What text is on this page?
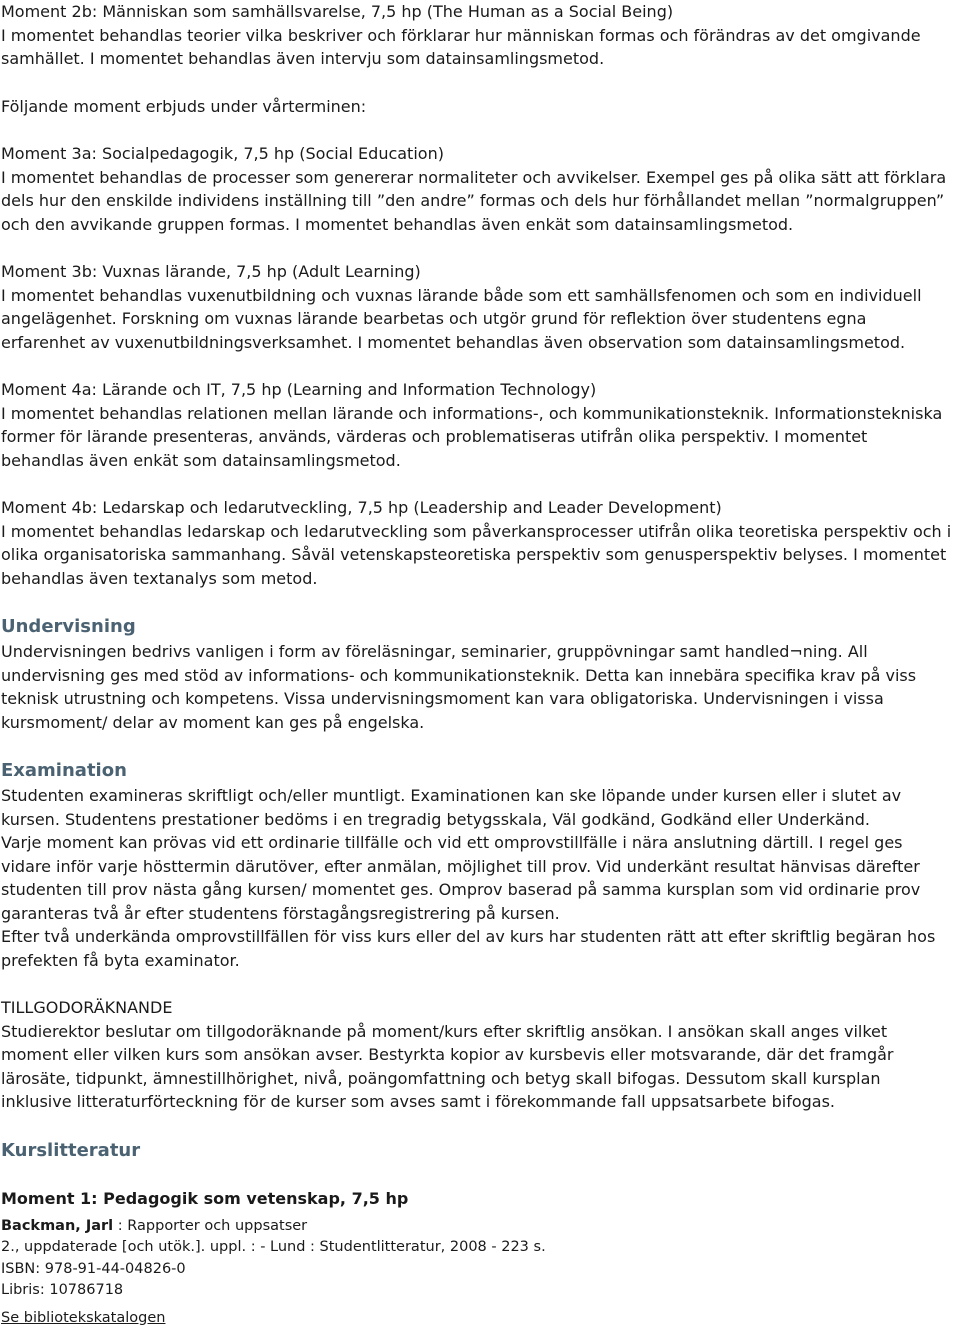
Moment 2b: Människan som samhällsvarelse, 7,5 hp (The Human as a Social Being)
I momentet behandlas teorier vilka beskriver och förklarar hur människan formas och förändras av det omgivande
samhället. I momentet behandlas även intervju som datainsamlingsmetod.

Följande moment erbjuds under vårterminen:

Moment 3a: Socialpedagogik, 7,5 hp (Social Education)
I momentet behandlas de processer som genererar normaliteter och avvikelser. Exempel ges på olika sätt att förklara
dels hur den enskilde individens inställning till ”den andre” formas och dels hur förhållandet mellan ”normalgruppen”
och den avvikande gruppen formas. I momentet behandlas även enkät som datainsamlingsmetod.
Moment 3b: Vuxnas lärande, 7,5 hp (Adult Learning)
I momentet behandlas vuxenutbildning och vuxnas lärande både som ett samhällsfenomen och som en individuell
angelägenhet. Forskning om vuxnas lärande bearbetas och utgör grund för reflektion över studentens egna
erfarenhet av vuxenutbildningsverksamhet. I momentet behandlas även observation som datainsamlingsmetod.
Moment 4a: Lärande och IT, 7,5 hp (Learning and Information Technology)
I momentet behandlas relationen mellan lärande och informations-, och kommunikationsteknik. Informationstekniska
former för lärande presenteras, används, värderas och problematiseras utifrån olika perspektiv. I momentet
behandlas även enkät som datainsamlingsmetod.
Moment 4b: Ledarskap och ledarutveckling, 7,5 hp (Leadership and Leader Development)
I momentet behandlas ledarskap och ledarutveckling som påverkansprocesser utifrån olika teoretiska perspektiv och i
olika organisatoriska sammanhang. Såväl vetenskapsteoretiska perspektiv som genusperspektiv belyses. I momentet
behandlas även textanalys som metod.
Undervisning
Undervisningen bedrivs vanligen i form av föreläsningar, seminarier, gruppövningar samt handled¬ning. All
undervisning ges med stöd av informations- och kommunikationsteknik. Detta kan innebära specifika krav på viss
teknisk utrustning och kompetens. Vissa undervisningsmoment kan vara obligatoriska. Undervisningen i vissa
kursmoment/ delar av moment kan ges på engelska.
Examination
Studenten examineras skriftligt och/eller muntligt. Examinationen kan ske löpande under kursen eller i slutet av
kursen. Studentens prestationer bedöms i en tregradig betygsskala, Väl godkänd, Godkänd eller Underkänd.
Varje moment kan prövas vid ett ordinarie tillfälle och vid ett omprovstillfälle i nära anslutning därtill. I regel ges
vidare inför varje hösttermin därutöver, efter anmälan, möjlighet till prov. Vid underkänt resultat hänvisas därefter
studenten till prov nästa gång kursen/ momentet ges. Omprov baserad på samma kursplan som vid ordinarie prov
garanteras två år efter studentens förstagångsregistrering på kursen.
Efter två underkända omprovstillfällen för viss kurs eller del av kurs har studenten rätt att efter skriftlig begäran hos
prefekten få byta examinator.
TILLGODORÄKNANDE
Studierektor beslutar om tillgodoräknande på moment/kurs efter skriftlig ansökan. I ansökan skall anges vilket
moment eller vilken kurs som ansökan avser. Bestyrkta kopior av kursbevis eller motsvarande, där det framgår
lärosäte, tidpunkt, ämnestillhörighet, nivå, poängomfattning och betyg skall bifogas. Dessutom skall kursplan
inklusive litteraturförteckning för de kurser som avses samt i förekommande fall uppsatsarbete bifogas.
Kurslitteratur
Moment 1: Pedagogik som vetenskap, 7,5 hp
Backman, Jarl : Rapporter och uppsatser
2., uppdaterade [och utök.]. uppl. : - Lund : Studentlitteratur, 2008 - 223 s.
ISBN: 978-91-44-04826-0
Libris: 10786718
Se bibliotekskatalogen
